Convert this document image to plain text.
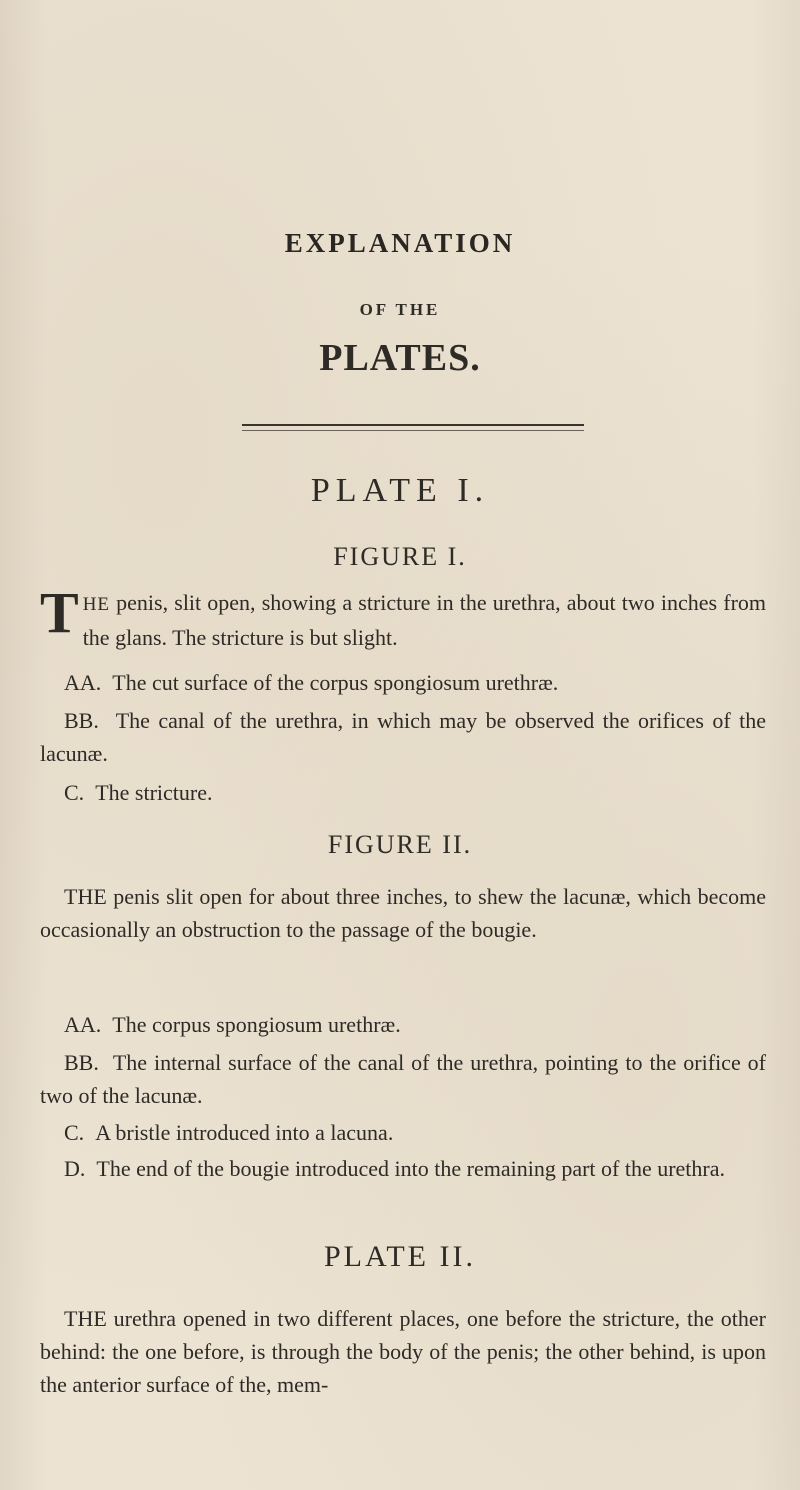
EXPLANATION
OF THE
PLATES.
PLATE I.
FIGURE I.
THE penis, slit open, showing a stricture in the urethra, about two inches from the glans. The stricture is but slight.
AA. The cut surface of the corpus spongiosum urethræ.
BB. The canal of the urethra, in which may be observed the orifices of the lacunæ.
C. The stricture.
FIGURE II.
THE penis slit open for about three inches, to shew the lacunæ, which become occasionally an obstruction to the passage of the bougie.
AA. The corpus spongiosum urethræ.
BB. The internal surface of the canal of the urethra, pointing to the orifice of two of the lacunæ.
C. A bristle introduced into a lacuna.
D. The end of the bougie introduced into the remaining part of the urethra.
PLATE II.
THE urethra opened in two different places, one before the stricture, the other behind: the one before, is through the body of the penis; the other behind, is upon the anterior surface of the, mem-
